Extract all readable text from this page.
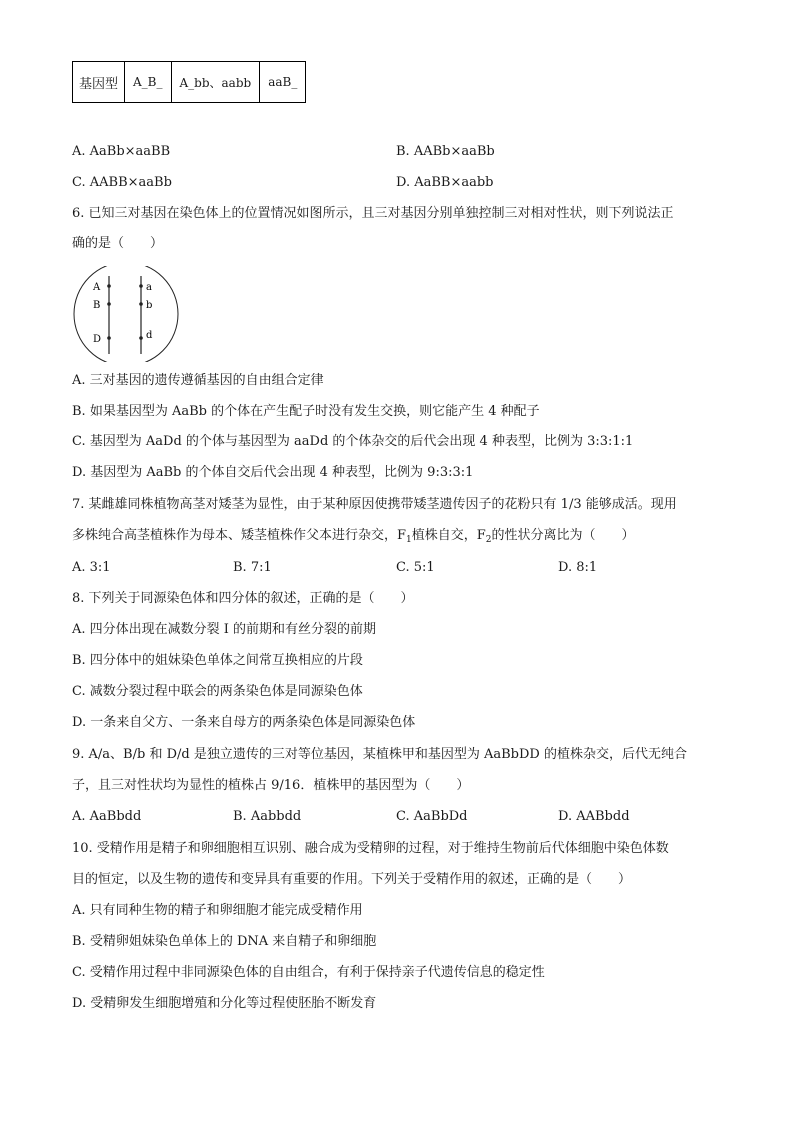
基因型	A_B_	A_bb、aabb	aaB_
A. AaBb×aaBB	B. AABb×aaBb
C. AABB×aaBb	D. AaBB×aabb
6. 已知三对基因在染色体上的位置情况如图所示，且三对基因分别单独控制三对相对性状，则下列说法正
确的是（　　）
A
B
D
a
b
d
A. 三对基因的遗传遵循基因的自由组合定律
B. 如果基因型为 AaBb 的个体在产生配子时没有发生交换，则它能产生 4 种配子
C. 基因型为 AaDd 的个体与基因型为 aaDd 的个体杂交的后代会出现 4 种表型，比例为 3:3:1:1
D. 基因型为 AaBb 的个体自交后代会出现 4 种表型，比例为 9:3:3:1
7. 某雌雄同株植物高茎对矮茎为显性，由于某种原因使携带矮茎遗传因子的花粉只有 1/3 能够成活。现用
多株纯合高茎植株作为母本、矮茎植株作父本进行杂交，$F_1$植株自交，$F_2$的性状分离比为（　　）
A. 3:1	B. 7:1	C. 5:1	D. 8:1
8. 下列关于同源染色体和四分体的叙述，正确的是（　　）
A. 四分体出现在减数分裂 I 的前期和有丝分裂的前期
B. 四分体中的姐妹染色单体之间常互换相应的片段
C. 减数分裂过程中联会的两条染色体是同源染色体
D. 一条来自父方、一条来自母方的两条染色体是同源染色体
9. A/a、B/b 和 D/d 是独立遗传的三对等位基因，某植株甲和基因型为 AaBbDD 的植株杂交，后代无纯合
子，且三对性状均为显性的植株占 9/16．植株甲的基因型为（　　）
A. AaBbdd	B. Aabbdd	C. AaBbDd	D. AABbdd
10. 受精作用是精子和卵细胞相互识别、融合成为受精卵的过程，对于维持生物前后代体细胞中染色体数
目的恒定，以及生物的遗传和变异具有重要的作用。下列关于受精作用的叙述，正确的是（　　）
A. 只有同种生物的精子和卵细胞才能完成受精作用
B. 受精卵姐妹染色单体上的 DNA 来自精子和卵细胞
C. 受精作用过程中非同源染色体的自由组合，有利于保持亲子代遗传信息的稳定性
D. 受精卵发生细胞增殖和分化等过程使胚胎不断发育
